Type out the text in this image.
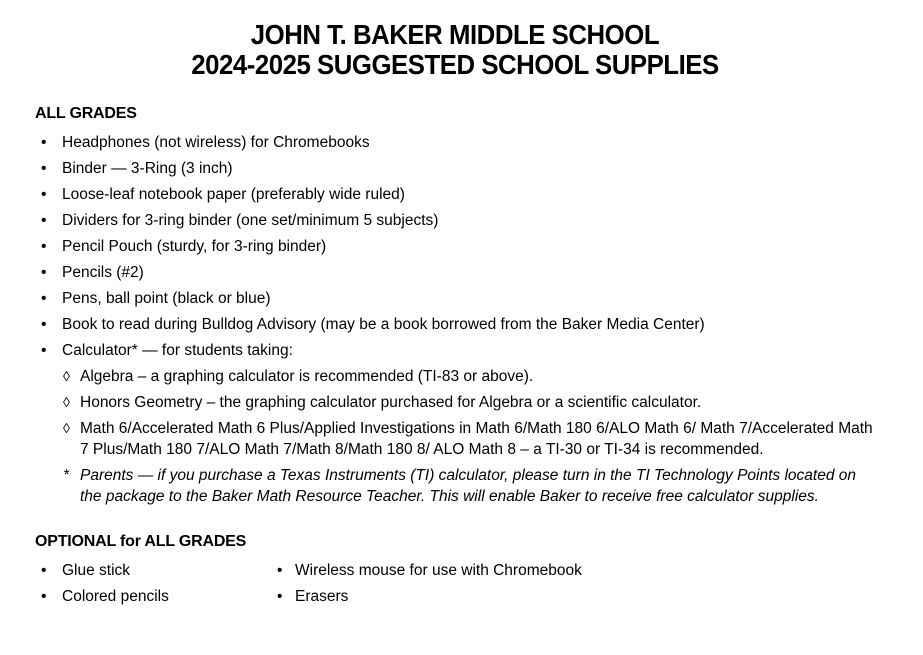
JOHN T. BAKER MIDDLE SCHOOL
2024-2025 SUGGESTED SCHOOL SUPPLIES
ALL GRADES
•	Headphones (not wireless) for Chromebooks
•	Binder — 3-Ring (3 inch)
•	Loose-leaf notebook paper (preferably wide ruled)
•	Dividers for 3-ring binder (one set/minimum 5 subjects)
•	Pencil Pouch (sturdy, for 3-ring binder)
•	Pencils (#2)
•	Pens, ball point (black or blue)
•	Book to read during Bulldog Advisory (may be a book borrowed from the Baker Media Center)
•	Calculator* — for students taking:
◊ Algebra – a graphing calculator is recommended (TI-83 or above).
◊ Honors Geometry – the graphing calculator purchased for Algebra or a scientific calculator.
◊ Math 6/Accelerated Math 6 Plus/Applied Investigations in Math 6/Math 180 6/ALO Math 6/ Math 7/Accelerated Math 7 Plus/Math 180 7/ALO Math 7/Math 8/Math 180 8/ ALO Math 8 – a TI-30 or TI-34 is recommended.
* Parents — if you purchase a Texas Instruments (TI) calculator, please turn in the TI Technology Points located on the package to the Baker Math Resource Teacher. This will enable Baker to receive free calculator supplies.
OPTIONAL for ALL GRADES
•	Glue stick
•	Colored pencils
• Wireless mouse for use with Chromebook
• Erasers
